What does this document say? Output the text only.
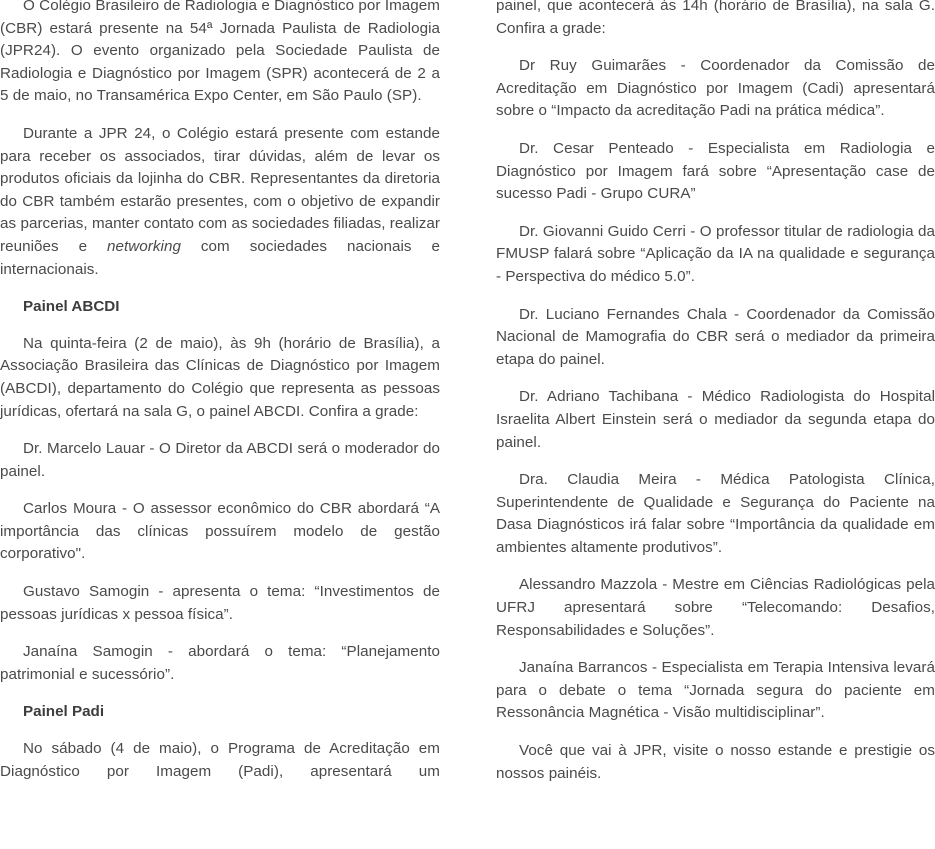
O Colégio Brasileiro de Radiologia e Diagnóstico por Imagem (CBR) estará presente na 54ª Jornada Paulista de Radiologia (JPR24). O evento organizado pela Sociedade Paulista de Radiologia e Diagnóstico por Imagem (SPR) acontecerá de 2 a 5 de maio, no Transamérica Expo Center, em São Paulo (SP).

Durante a JPR 24, o Colégio estará presente com estande para receber os associados, tirar dúvidas, além de levar os produtos oficiais da lojinha do CBR. Representantes da diretoria do CBR também estarão presentes, com o objetivo de expandir as parcerias, manter contato com as sociedades filiadas, realizar reuniões e networking com sociedades nacionais e internacionais.

Painel ABCDI

Na quinta-feira (2 de maio), às 9h (horário de Brasília), a Associação Brasileira das Clínicas de Diagnóstico por Imagem (ABCDI), departamento do Colégio que representa as pessoas jurídicas, ofertará na sala G, o painel ABCDI. Confira a grade:

Dr. Marcelo Lauar - O Diretor da ABCDI será o moderador do painel.

Carlos Moura - O assessor econômico do CBR abordará “A importância das clínicas possuírem modelo de gestão corporativo".

Gustavo Samogin - apresenta o tema: “Investimentos de pessoas jurídicas x pessoa física”.

Janaína Samogin - abordará o tema: “Planejamento patrimonial e sucessório”.

Painel Padi

No sábado (4 de maio), o Programa de Acreditação em Diagnóstico por Imagem (Padi), apresentará um

painel, que acontecerá às 14h (horário de Brasília), na sala G. Confira a grade:

Dr Ruy Guimarães - Coordenador da Comissão de Acreditação em Diagnóstico por Imagem (Cadi) apresentará sobre o “Impacto da acreditação Padi na prática médica”.

Dr. Cesar Penteado - Especialista em Radiologia e Diagnóstico por Imagem fará sobre “Apresentação case de sucesso Padi - Grupo CURA”

Dr. Giovanni Guido Cerri - O professor titular de radiologia da FMUSP falará sobre “Aplicação da IA na qualidade e segurança - Perspectiva do médico 5.0”.

Dr. Luciano Fernandes Chala - Coordenador da Comissão Nacional de Mamografia do CBR será o mediador da primeira etapa do painel.

Dr. Adriano Tachibana - Médico Radiologista do Hospital Israelita Albert Einstein será o mediador da segunda etapa do painel.

Dra. Claudia Meira - Médica Patologista Clínica, Superintendente de Qualidade e Segurança do Paciente na Dasa Diagnósticos irá falar sobre “Importância da qualidade em ambientes altamente produtivos”.

Alessandro Mazzola - Mestre em Ciências Radiológicas pela UFRJ apresentará sobre “Telecomando: Desafios, Responsabilidades e Soluções”.

Janaína Barrancos - Especialista em Terapia Intensiva levará para o debate o tema “Jornada segura do paciente em Ressonância Magnética - Visão multidisciplinar”.

Você que vai à JPR, visite o nosso estande e prestigie os nossos painéis.
